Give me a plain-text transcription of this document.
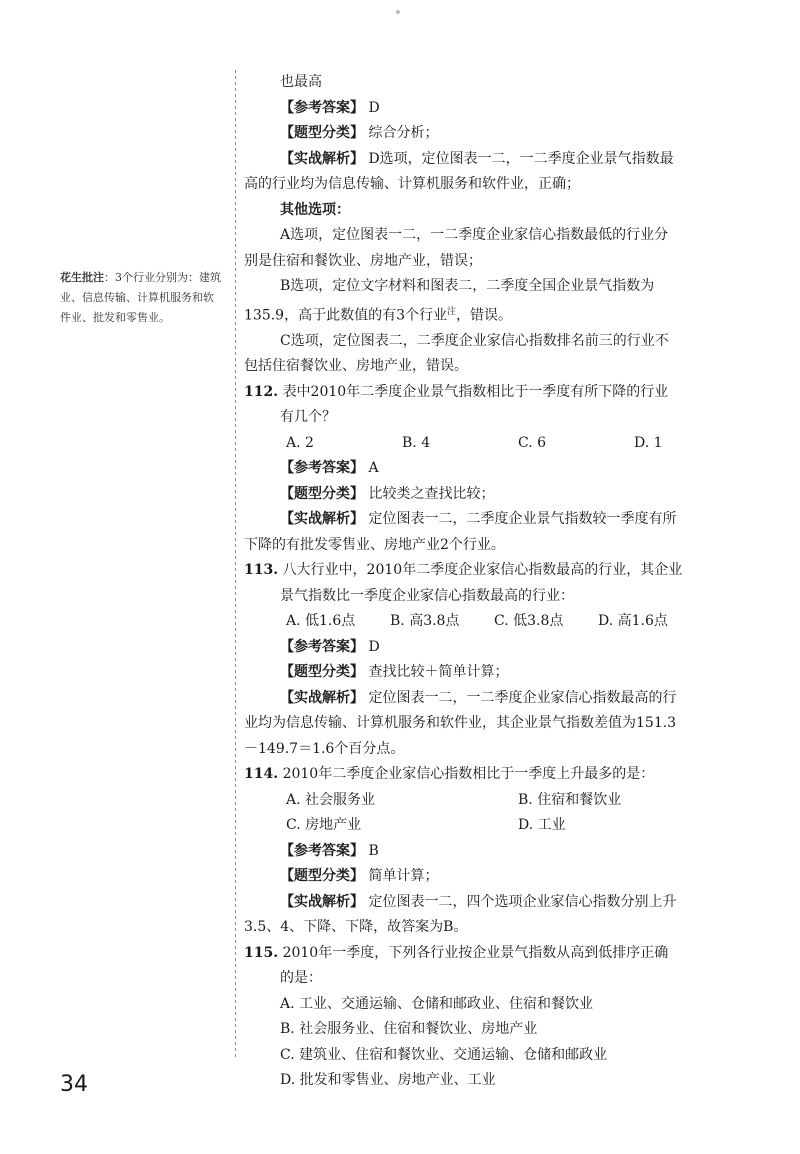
花生批注：3个行业分别为：建筑业、信息传输、计算机服务和软件业、批发和零售业。
也最高
【参考答案】 D
【题型分类】 综合分析；
【实战解析】 D选项，定位图表一二，一二季度企业景气指数最
高的行业均为信息传输、计算机服务和软件业，正确；
其他选项：
A选项，定位图表一二，一二季度企业家信心指数最低的行业分
别是住宿和餐饮业、房地产业，错误；
B选项，定位文字材料和图表二，二季度全国企业景气指数为
135.9，高于此数值的有3个行业$^注$，错误。
C选项，定位图表二，二季度企业家信心指数排名前三的行业不
包括住宿餐饮业、房地产业，错误。
112. 表中2010年二季度企业景气指数相比于一季度有所下降的行业
有几个？
A. 2	B. 4	C. 6	D. 1
【参考答案】 A
【题型分类】 比较类之查找比较；
【实战解析】 定位图表一二，二季度企业景气指数较一季度有所
下降的有批发零售业、房地产业2个行业。
113. 八大行业中，2010年二季度企业家信心指数最高的行业，其企业
景气指数比一季度企业家信心指数最高的行业：
A. 低1.6点	B. 高3.8点	C. 低3.8点	D. 高1.6点
【参考答案】 D
【题型分类】 查找比较＋简单计算；
【实战解析】 定位图表一二，一二季度企业家信心指数最高的行
业均为信息传输、计算机服务和软件业，其企业景气指数差值为151.3
－149.7＝1.6个百分点。
114. 2010年二季度企业家信心指数相比于一季度上升最多的是：
A. 社会服务业	B. 住宿和餐饮业
C. 房地产业	D. 工业
【参考答案】 B
【题型分类】 简单计算；
【实战解析】 定位图表一二，四个选项企业家信心指数分别上升
3.5、4、下降、下降，故答案为B。
115. 2010年一季度，下列各行业按企业景气指数从高到低排序正确
的是：
A. 工业、交通运输、仓储和邮政业、住宿和餐饮业
B. 社会服务业、住宿和餐饮业、房地产业
C. 建筑业、住宿和餐饮业、交通运输、仓储和邮政业
D. 批发和零售业、房地产业、工业
34
